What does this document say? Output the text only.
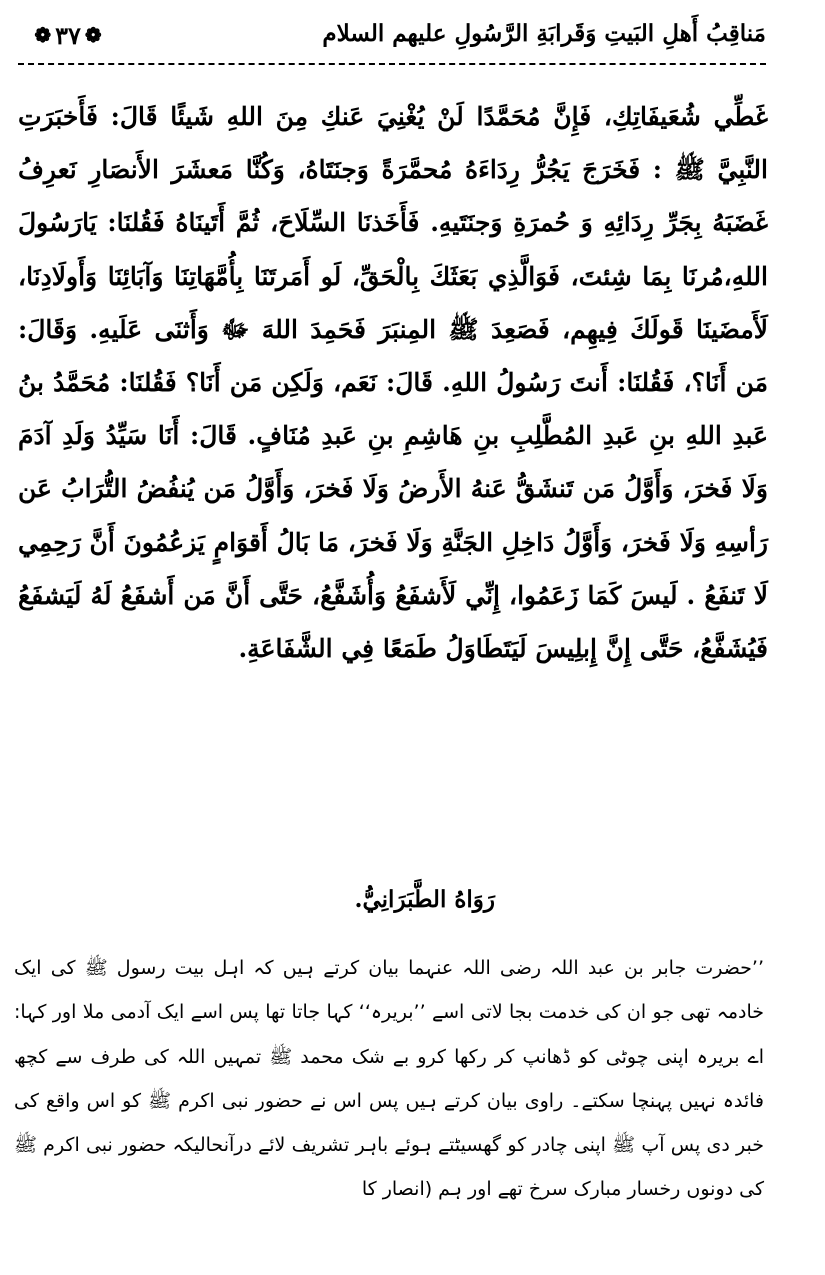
مَناقِبُ أَهلِ البَيتِ وَقَرابَةِ الرَّسُولِ عليهم السلام
❁
٣٧
❁

غَطِّي شُعَيفَاتِكِ، فَإِنَّ مُحَمَّدًا لَنْ يُغْنِيَ عَنكِ مِنَ اللهِ شَيئًا قَالَ: فَأَخبَرَتِ النَّبِيَّ ﷺ : فَخَرَجَ يَجُرُّ رِدَاءَهُ مُحمَّرَةً وَجنَتَاهُ، وَكُنَّا مَعشَرَ الأَنصَارِ نَعرِفُ غَضَبَهُ بِجَرِّ رِدَائِهِ وَ حُمرَةِ وَجنَتَيهِ. فَأَخَذنَا السِّلَاحَ، ثُمَّ أَتَينَاهُ فَقُلنَا: يَارَسُولَ اللهِ،مُرنَا بِمَا شِئتَ، فَوَالَّذِي بَعَثَكَ بِالْحَقِّ، لَو أَمَرتَنَا بِأُمَّهَاتِنَا وَآبَائِنَا وَأَولَادِنَا، لَأَمضَينَا قَولَكَ فِيهِم، فَصَعِدَ ﷺ المِنبَرَ فَحَمِدَ اللهَ ﷻ وَأَثنَى عَلَيهِ. وَقَالَ: مَن أَنَا؟، فَقُلنَا: أَنتَ رَسُولُ اللهِ. قَالَ: نَعَم، وَلَكِن مَن أَنَا؟ فَقُلنَا: مُحَمَّدُ بنُ عَبدِ اللهِ بنِ عَبدِ المُطَّلِبِ بنِ هَاشِمِ بنِ عَبدِ مُنَافٍ. قَالَ: أَنَا سَيِّدُ وَلَدِ آدَمَ وَلَا فَخرَ، وَأَوَّلُ مَن تَنشَقُّ عَنهُ الأَرضُ وَلَا فَخرَ، وَأَوَّلُ مَن يُنفُضُ التُّرَابُ عَن رَأسِهِ وَلَا فَخرَ، وَأَوَّلُ دَاخِلِ الجَنَّةِ وَلَا فَخرَ، مَا بَالُ أَقوَامٍ يَزعُمُونَ أَنَّ رَحِمِي لَا تَنفَعُ . لَيسَ كَمَا زَعَمُوا، إِنِّي لَأَشفَعُ وَأُشَفَّعُ، حَتَّى أَنَّ مَن أَشفَعُ لَهُ لَيَشفَعُ فَيُشَفَّعُ، حَتَّى إِنَّ إِبلِيسَ لَيَتَطَاوَلُ طَمَعًا فِي الشَّفَاعَةِ.

رَوَاهُ الطَّبَرَانِيُّ.

’’حضرت جابر بن عبد اللہ رضی اللہ عنہما بیان کرتے ہیں کہ اہل بیت رسول ﷺ کی ایک خادمہ تھی جو ان کی خدمت بجا لاتی اسے ’’بریرہ‘‘ کہا جاتا تھا پس اسے ایک آدمی ملا اور کہا: اے بریرہ اپنی چوٹی کو ڈھانپ کر رکھا کرو بے شک محمد ﷺ تمہیں اللہ کی طرف سے کچھ فائدہ نہیں پہنچا سکتے۔ راوی بیان کرتے ہیں پس اس نے حضور نبی اکرم ﷺ کو اس واقع کی خبر دی پس آپ ﷺ اپنی چادر کو گھسیٹتے ہوئے باہر تشریف لائے درآنحالیکہ حضور نبی اکرم ﷺ کی دونوں رخسار مبارک سرخ تھے اور ہم (انصار کا
